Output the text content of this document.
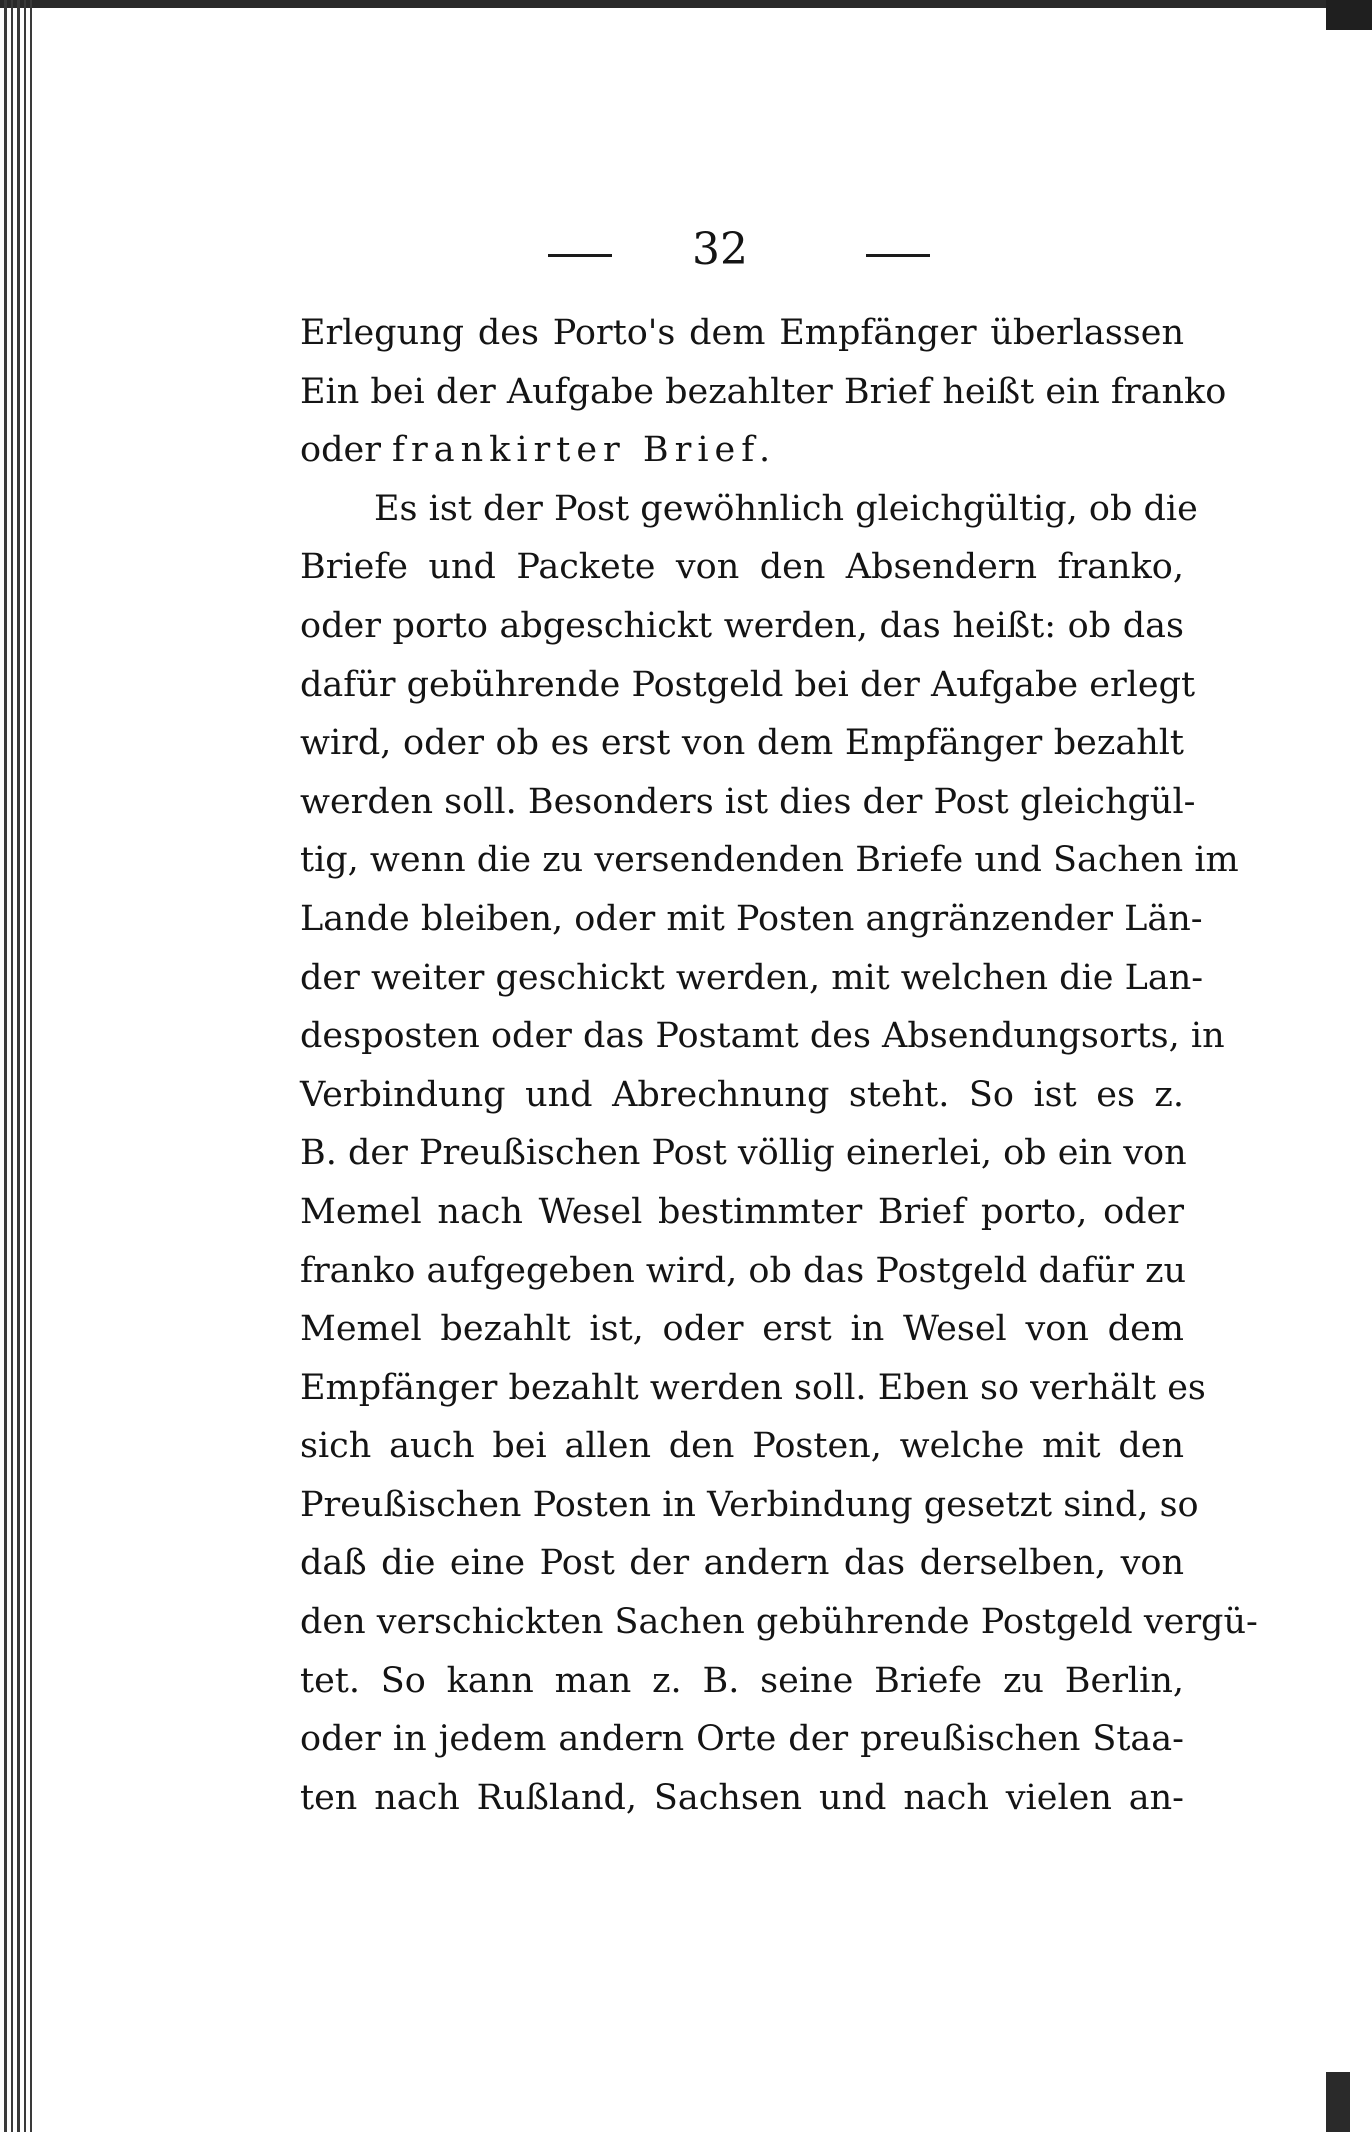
32
Erlegung des Porto's dem Empfänger überlassen
Ein bei der Aufgabe bezahlter Brief heißt ein franko
oder frankirter Brief.
Es ist der Post gewöhnlich gleichgültig, ob die
Briefe und Packete von den Absendern franko,
oder porto abgeschickt werden, das heißt: ob das
dafür gebührende Postgeld bei der Aufgabe erlegt
wird, oder ob es erst von dem Empfänger bezahlt
werden soll. Besonders ist dies der Post gleichgül-
tig, wenn die zu versendenden Briefe und Sachen im
Lande bleiben, oder mit Posten angränzender Län-
der weiter geschickt werden, mit welchen die Lan-
desposten oder das Postamt des Absendungsorts, in
Verbindung und Abrechnung steht. So ist es z.
B. der Preußischen Post völlig einerlei, ob ein von
Memel nach Wesel bestimmter Brief porto, oder
franko aufgegeben wird, ob das Postgeld dafür zu
Memel bezahlt ist, oder erst in Wesel von dem
Empfänger bezahlt werden soll. Eben so verhält es
sich auch bei allen den Posten, welche mit den
Preußischen Posten in Verbindung gesetzt sind, so
daß die eine Post der andern das derselben, von
den verschickten Sachen gebührende Postgeld vergü-
tet. So kann man z. B. seine Briefe zu Berlin,
oder in jedem andern Orte der preußischen Staa-
ten nach Rußland, Sachsen und nach vielen an-
